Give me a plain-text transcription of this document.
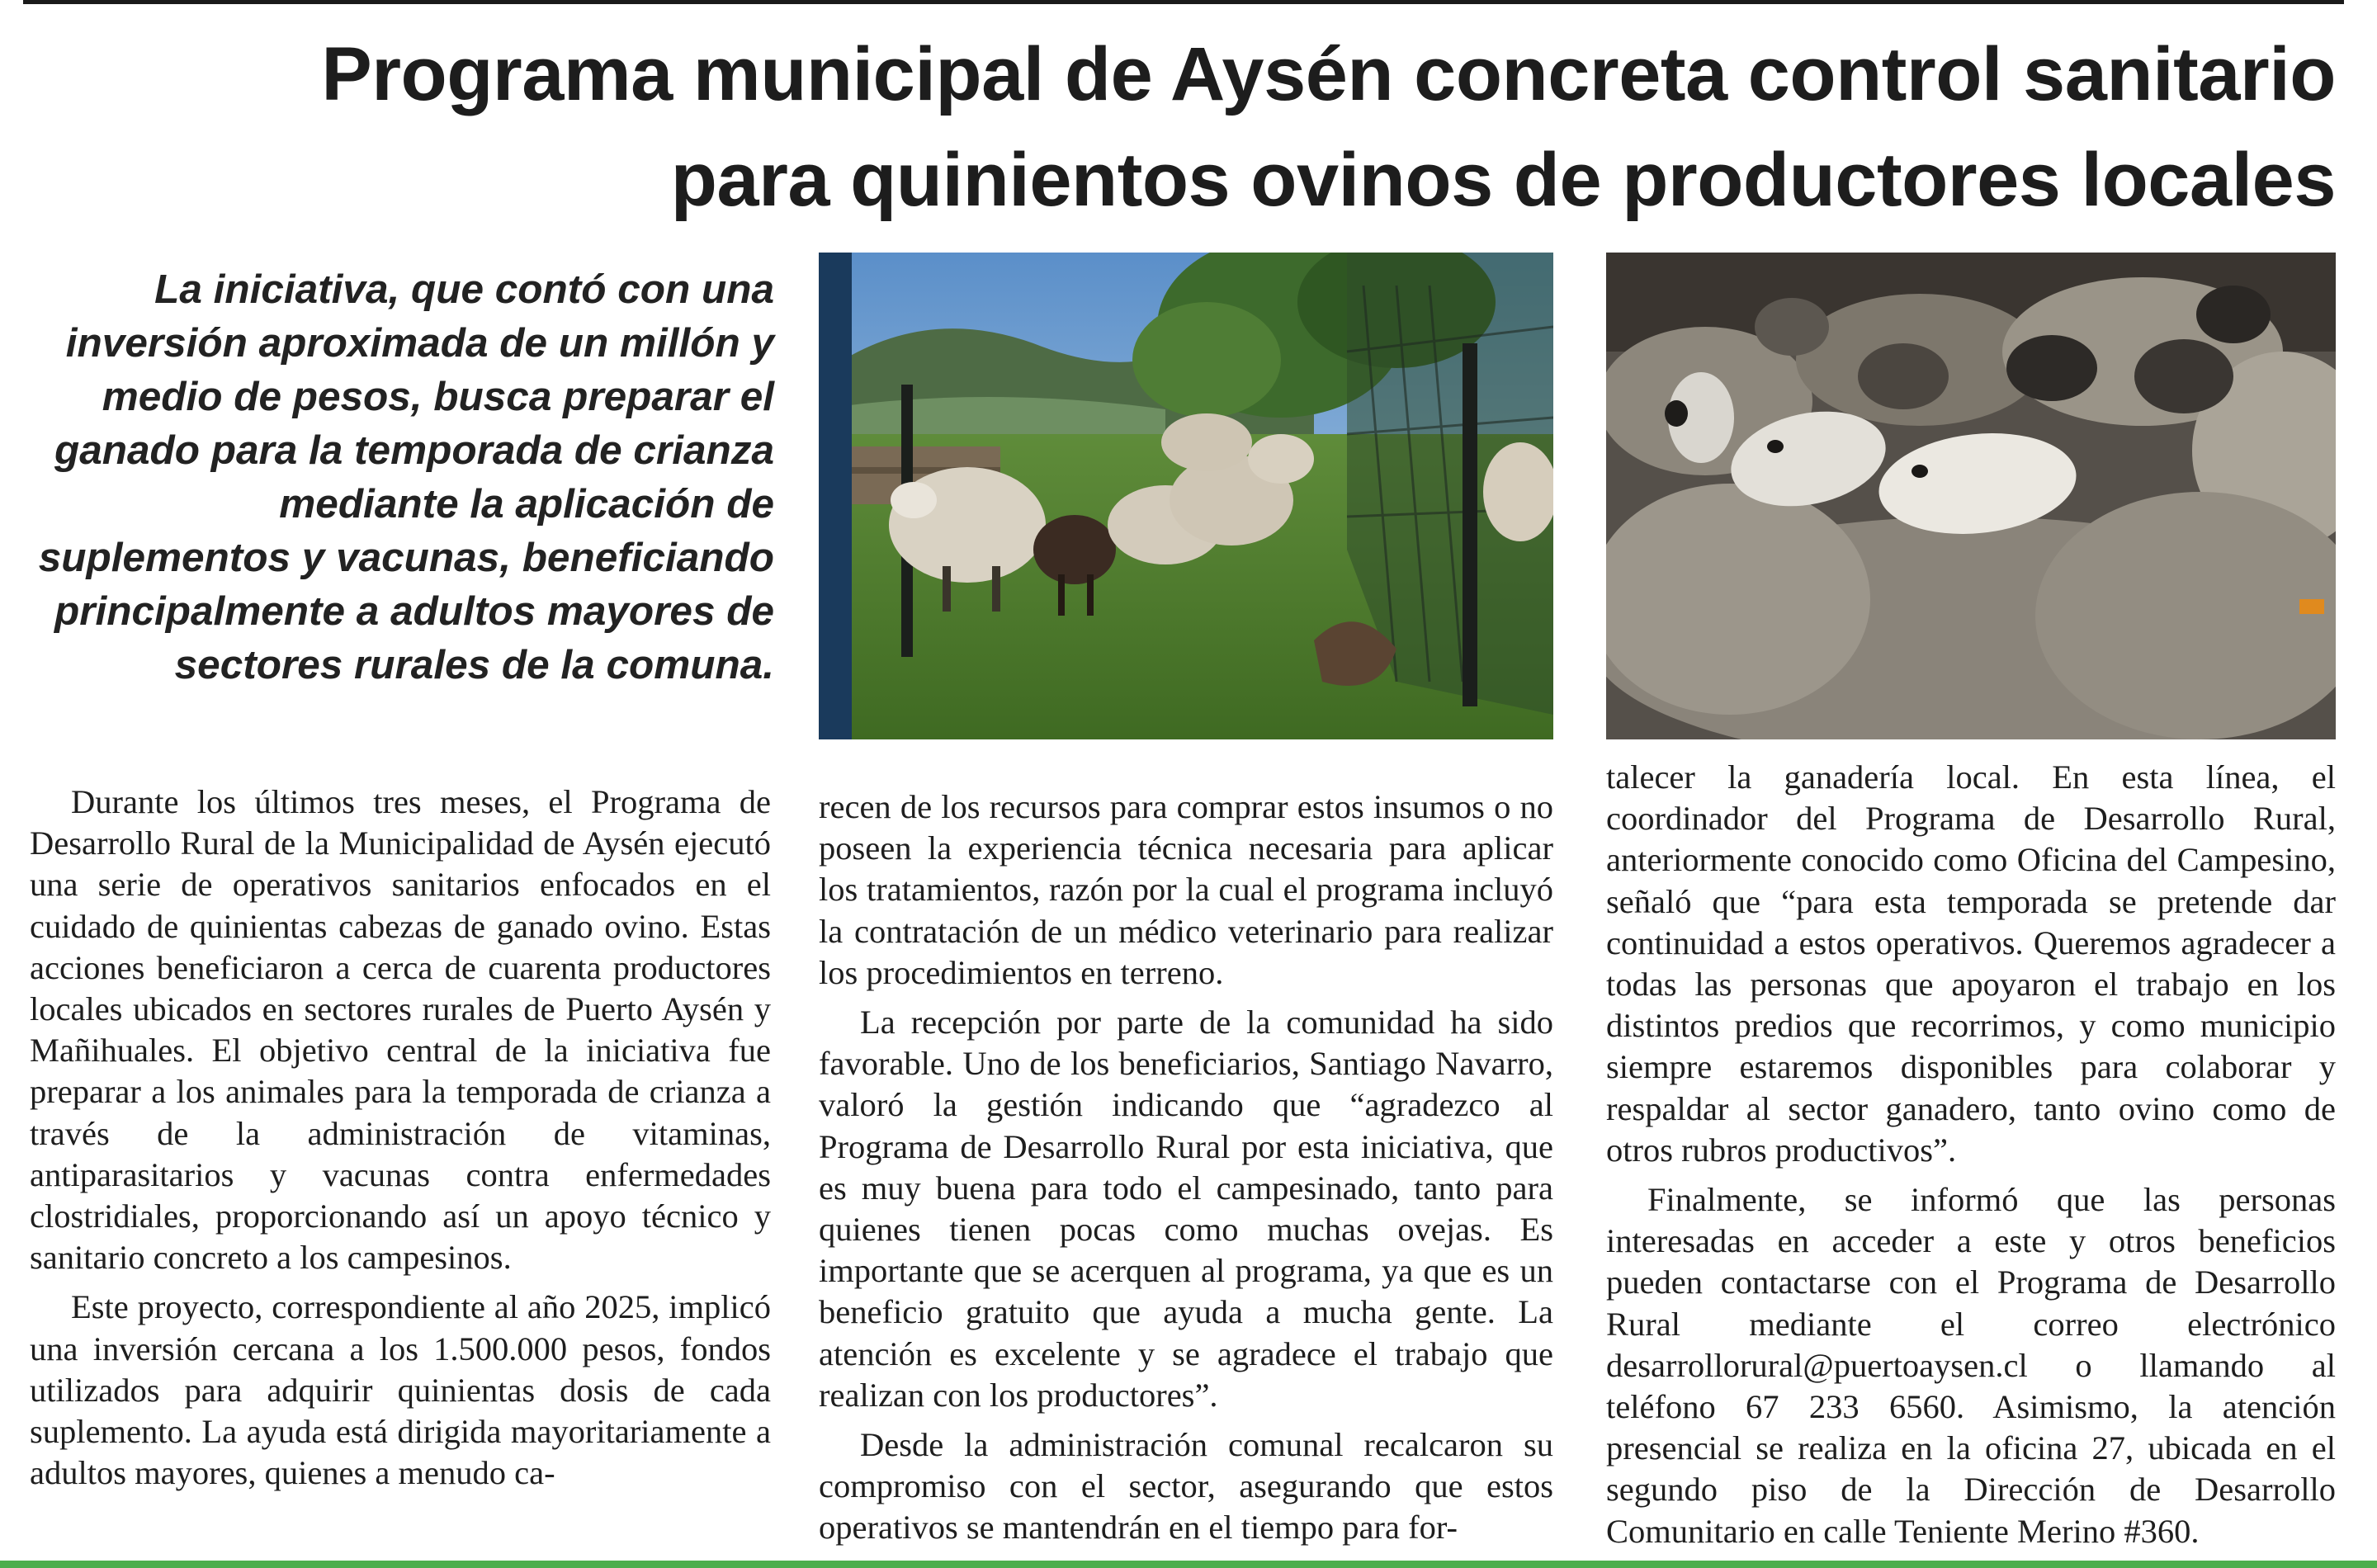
Programa municipal de Aysén concreta control sanitario
para quinientos ovinos de productores locales

La iniciativa, que contó con una inversión aproximada de un millón y medio de pesos, busca preparar el ganado para la temporada de crianza mediante la aplicación de suplementos y vacunas, beneficiando principalmente a adultos mayores de sectores rurales de la comuna.

Durante los últimos tres meses, el Programa de Desarrollo Rural de la Municipalidad de Aysén ejecutó una serie de operativos sanitarios enfocados en el cuidado de quinientas cabezas de ganado ovino. Estas acciones beneficiaron a cerca de cuarenta productores locales ubicados en sectores rurales de Puerto Aysén y Mañihuales. El objetivo central de la iniciativa fue preparar a los animales para la temporada de crianza a través de la administración de vitaminas, antiparasitarios y vacunas contra enfermedades clostridiales, proporcionando así un apoyo técnico y sanitario concreto a los campesinos.

Este proyecto, correspondiente al año 2025, implicó una inversión cercana a los 1.500.000 pesos, fondos utilizados para adquirir quinientas dosis de cada suplemento. La ayuda está dirigida mayoritariamente a adultos mayores, quienes a menudo ca-

recen de los recursos para comprar estos insumos o no poseen la experiencia técnica necesaria para aplicar los tratamientos, razón por la cual el programa incluyó la contratación de un médico veterinario para realizar los procedimientos en terreno.

La recepción por parte de la comunidad ha sido favorable. Uno de los beneficiarios, Santiago Navarro, valoró la gestión indicando que “agradezco al Programa de Desarrollo Rural por esta iniciativa, que es muy buena para todo el campesinado, tanto para quienes tienen pocas como muchas ovejas. Es importante que se acerquen al programa, ya que es un beneficio gratuito que ayuda a mucha gente. La atención es excelente y se agradece el trabajo que realizan con los productores”.

Desde la administración comunal recalcaron su compromiso con el sector, asegurando que estos operativos se mantendrán en el tiempo para for-

talecer la ganadería local. En esta línea, el coordinador del Programa de Desarrollo Rural, anteriormente conocido como Oficina del Campesino, señaló que “para esta temporada se pretende dar continuidad a estos operativos. Queremos agradecer a todas las personas que apoyaron el trabajo en los distintos predios que recorrimos, y como municipio siempre estaremos disponibles para colaborar y respaldar al sector ganadero, tanto ovino como de otros rubros productivos”.

Finalmente, se informó que las personas interesadas en acceder a este y otros beneficios pueden contactarse con el Programa de Desarrollo Rural mediante el correo electrónico desarrollorural@puertoaysen.cl o llamando al teléfono 67 233 6560. Asimismo, la atención presencial se realiza en la oficina 27, ubicada en el segundo piso de la Dirección de Desarrollo Comunitario en calle Teniente Merino #360.
